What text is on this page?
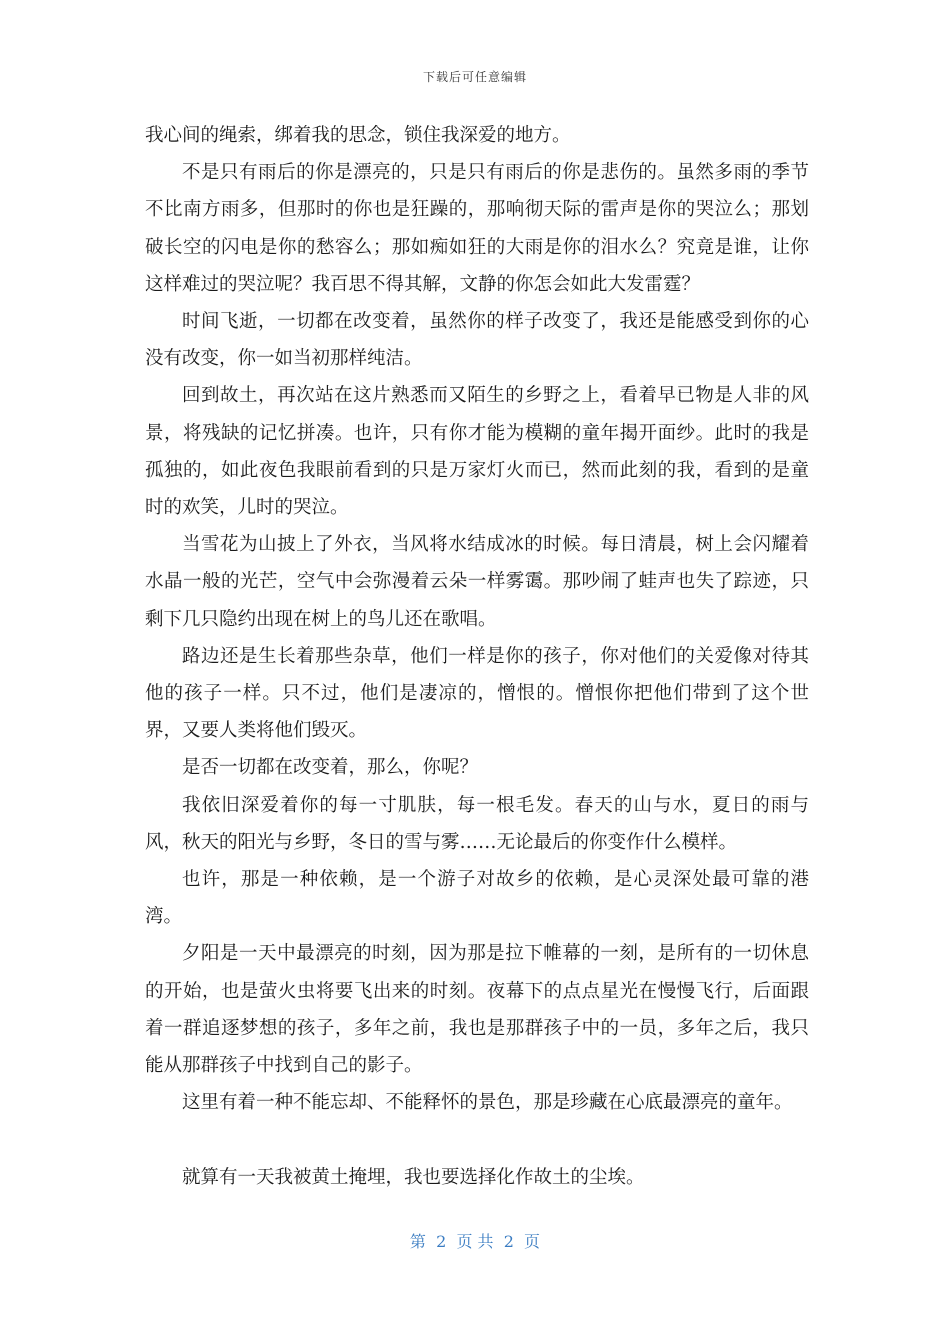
下载后可任意编辑

我心间的绳索，绑着我的思念，锁住我深爱的地方。

不是只有雨后的你是漂亮的，只是只有雨后的你是悲伤的。虽然多雨的季节不比南方雨多，但那时的你也是狂躁的，那响彻天际的雷声是你的哭泣么；那划破长空的闪电是你的愁容么；那如痴如狂的大雨是你的泪水么？究竟是谁，让你这样难过的哭泣呢？我百思不得其解，文静的你怎会如此大发雷霆？

时间飞逝，一切都在改变着，虽然你的样子改变了，我还是能感受到你的心没有改变，你一如当初那样纯洁。

回到故土，再次站在这片熟悉而又陌生的乡野之上，看着早已物是人非的风景，将残缺的记忆拼凑。也许，只有你才能为模糊的童年揭开面纱。此时的我是孤独的，如此夜色我眼前看到的只是万家灯火而已，然而此刻的我，看到的是童时的欢笑，儿时的哭泣。

当雪花为山披上了外衣，当风将水结成冰的时候。每日清晨，树上会闪耀着水晶一般的光芒，空气中会弥漫着云朵一样雾霭。那吵闹了蛙声也失了踪迹，只剩下几只隐约出现在树上的鸟儿还在歌唱。

路边还是生长着那些杂草，他们一样是你的孩子，你对他们的关爱像对待其他的孩子一样。只不过，他们是凄凉的，憎恨的。憎恨你把他们带到了这个世界，又要人类将他们毁灭。

是否一切都在改变着，那么，你呢？

我依旧深爱着你的每一寸肌肤，每一根毛发。春天的山与水，夏日的雨与风，秋天的阳光与乡野，冬日的雪与雾……无论最后的你变作什么模样。

也许，那是一种依赖，是一个游子对故乡的依赖，是心灵深处最可靠的港湾。

夕阳是一天中最漂亮的时刻，因为那是拉下帷幕的一刻，是所有的一切休息的开始，也是萤火虫将要飞出来的时刻。夜幕下的点点星光在慢慢飞行，后面跟着一群追逐梦想的孩子，多年之前，我也是那群孩子中的一员，多年之后，我只能从那群孩子中找到自己的影子。

这里有着一种不能忘却、不能释怀的景色，那是珍藏在心底最漂亮的童年。

就算有一天我被黄土掩埋，我也要选择化作故土的尘埃。

第  2  页 共  2  页
